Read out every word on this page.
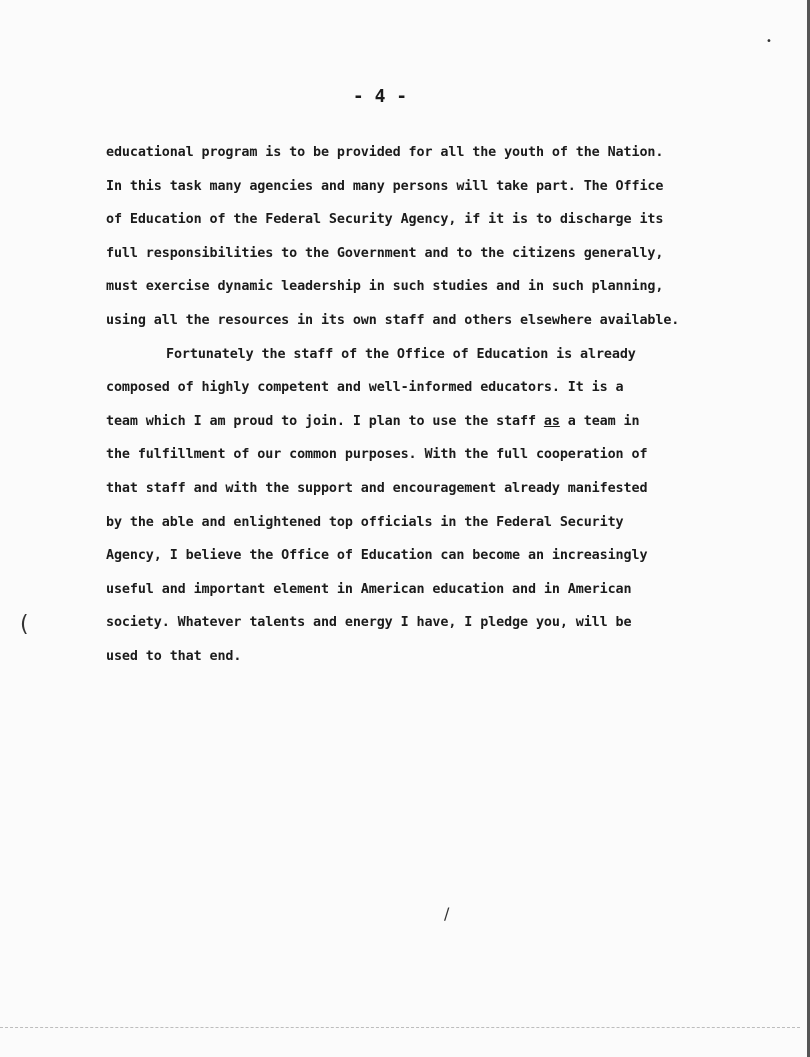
•
(
/
- 4 -
educational program is to be provided for all the youth of the Nation.
In this task many agencies and many persons will take part. The Office
of Education of the Federal Security Agency, if it is to discharge its
full responsibilities to the Government and to the citizens generally,
must exercise dynamic leadership in such studies and in such planning,
using all the resources in its own staff and others elsewhere available.
Fortunately the staff of the Office of Education is already
composed of highly competent and well-informed educators. It is a
team which I am proud to join. I plan to use the staff as a team in
the fulfillment of our common purposes. With the full cooperation of
that staff and with the support and encouragement already manifested
by the able and enlightened top officials in the Federal Security
Agency, I believe the Office of Education can become an increasingly
useful and important element in American education and in American
society. Whatever talents and energy I have, I pledge you, will be
used to that end.
